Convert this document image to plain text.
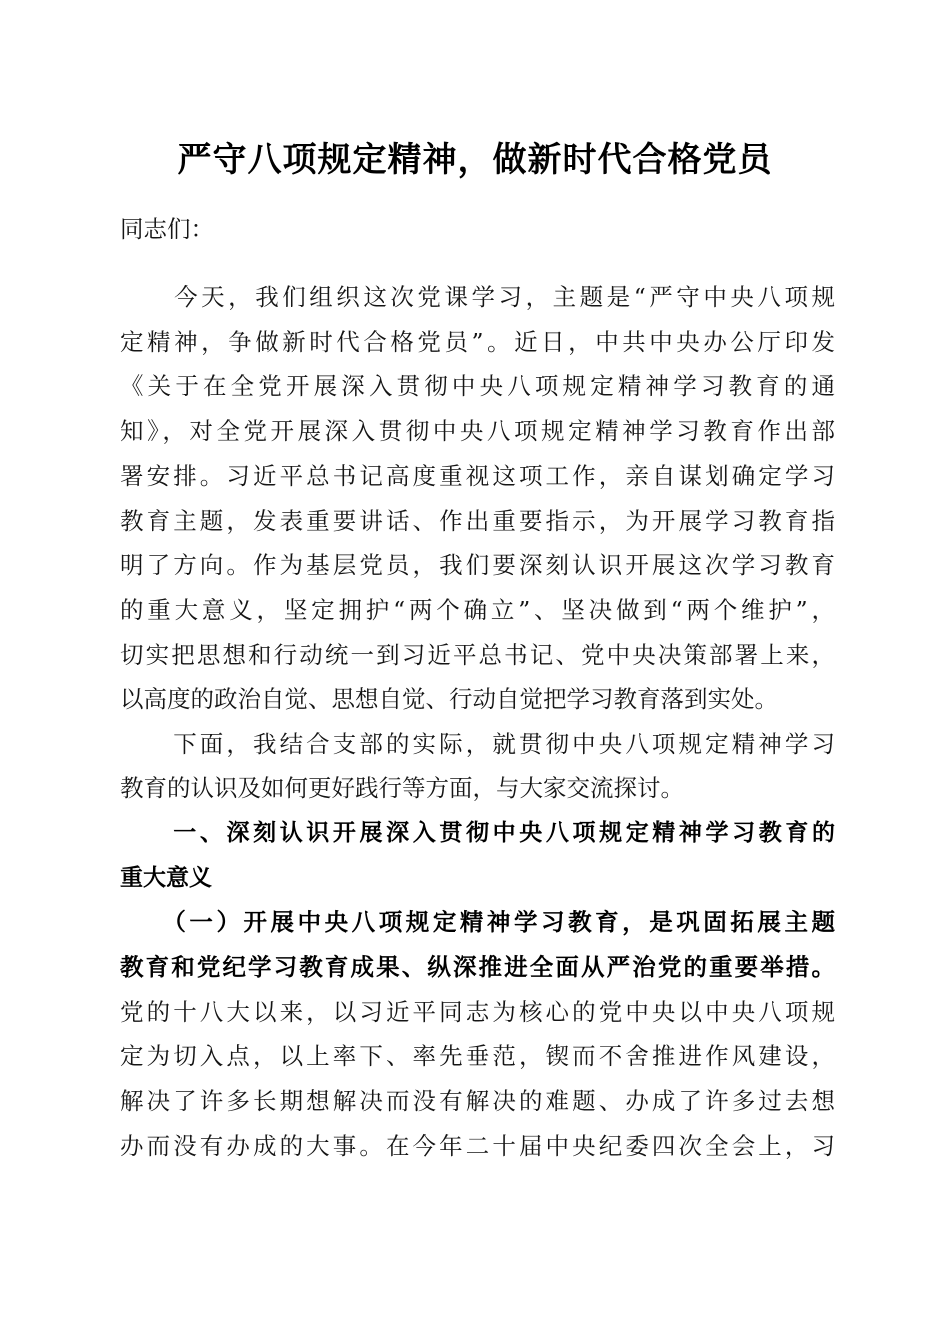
严守八项规定精神，做新时代合格党员
同志们：
　　今天，我们组织这次党课学习，主题是“严守中央八项规
定精神，争做新时代合格党员”。近日，中共中央办公厅印发
《关于在全党开展深入贯彻中央八项规定精神学习教育的通
知》，对全党开展深入贯彻中央八项规定精神学习教育作出部
署安排。习近平总书记高度重视这项工作，亲自谋划确定学习
教育主题，发表重要讲话、作出重要指示，为开展学习教育指
明了方向。作为基层党员，我们要深刻认识开展这次学习教育
的重大意义，坚定拥护“两个确立”、坚决做到“两个维护”，
切实把思想和行动统一到习近平总书记、党中央决策部署上来，
以高度的政治自觉、思想自觉、行动自觉把学习教育落到实处。
　　下面，我结合支部的实际，就贯彻中央八项规定精神学习
教育的认识及如何更好践行等方面，与大家交流探讨。
　　一、深刻认识开展深入贯彻中央八项规定精神学习教育的
重大意义
　　（一）开展中央八项规定精神学习教育，是巩固拓展主题
教育和党纪学习教育成果、纵深推进全面从严治党的重要举措。
党的十八大以来，以习近平同志为核心的党中央以中央八项规
定为切入点，以上率下、率先垂范，锲而不舍推进作风建设，
解决了许多长期想解决而没有解决的难题、办成了许多过去想
办而没有办成的大事。在今年二十届中央纪委四次全会上，习
